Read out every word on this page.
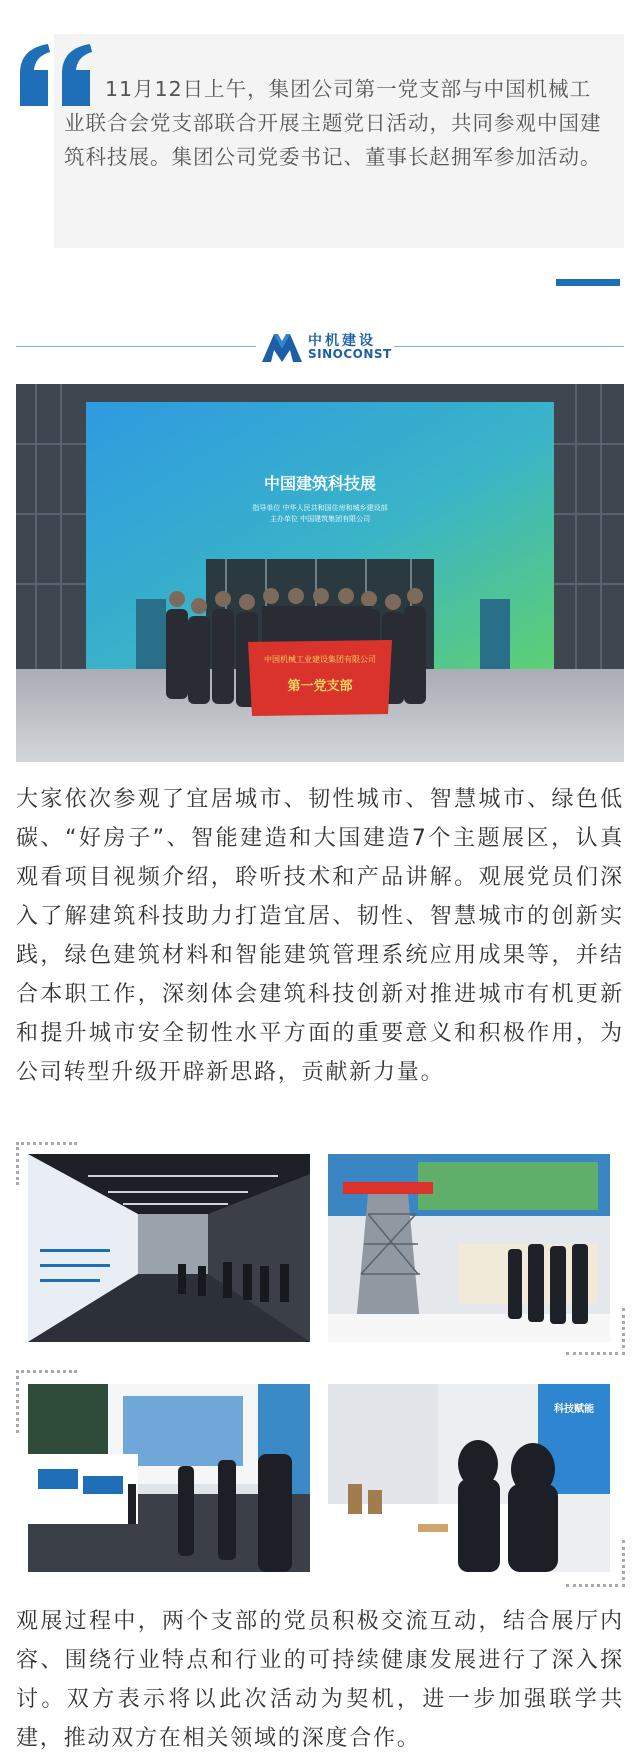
11月12日上午，集团公司第一党支部与中国机械工业联合会党支部联合开展主题党日活动，共同参观中国建筑科技展。集团公司党委书记、董事长赵拥军参加活动。
中机建设
SINOCONST
中国建筑科技展
指导单位 中华人民共和国住房和城乡建设部
主办单位 中国建筑集团有限公司
中国机械工业建设集团有限公司
第一党支部
大家依次参观了宜居城市、韧性城市、智慧城市、绿色低碳、“好房子”、智能建造和大国建造7个主题展区，认真观看项目视频介绍，聆听技术和产品讲解。观展党员们深入了解建筑科技助力打造宜居、韧性、智慧城市的创新实践，绿色建筑材料和智能建筑管理系统应用成果等，并结合本职工作，深刻体会建筑科技创新对推进城市有机更新和提升城市安全韧性水平方面的重要意义和积极作用，为公司转型升级开辟新思路，贡献新力量。
科技赋能
观展过程中，两个支部的党员积极交流互动，结合展厅内容、围绕行业特点和行业的可持续健康发展进行了深入探讨。双方表示将以此次活动为契机，进一步加强联学共建，推动双方在相关领域的深度合作。
